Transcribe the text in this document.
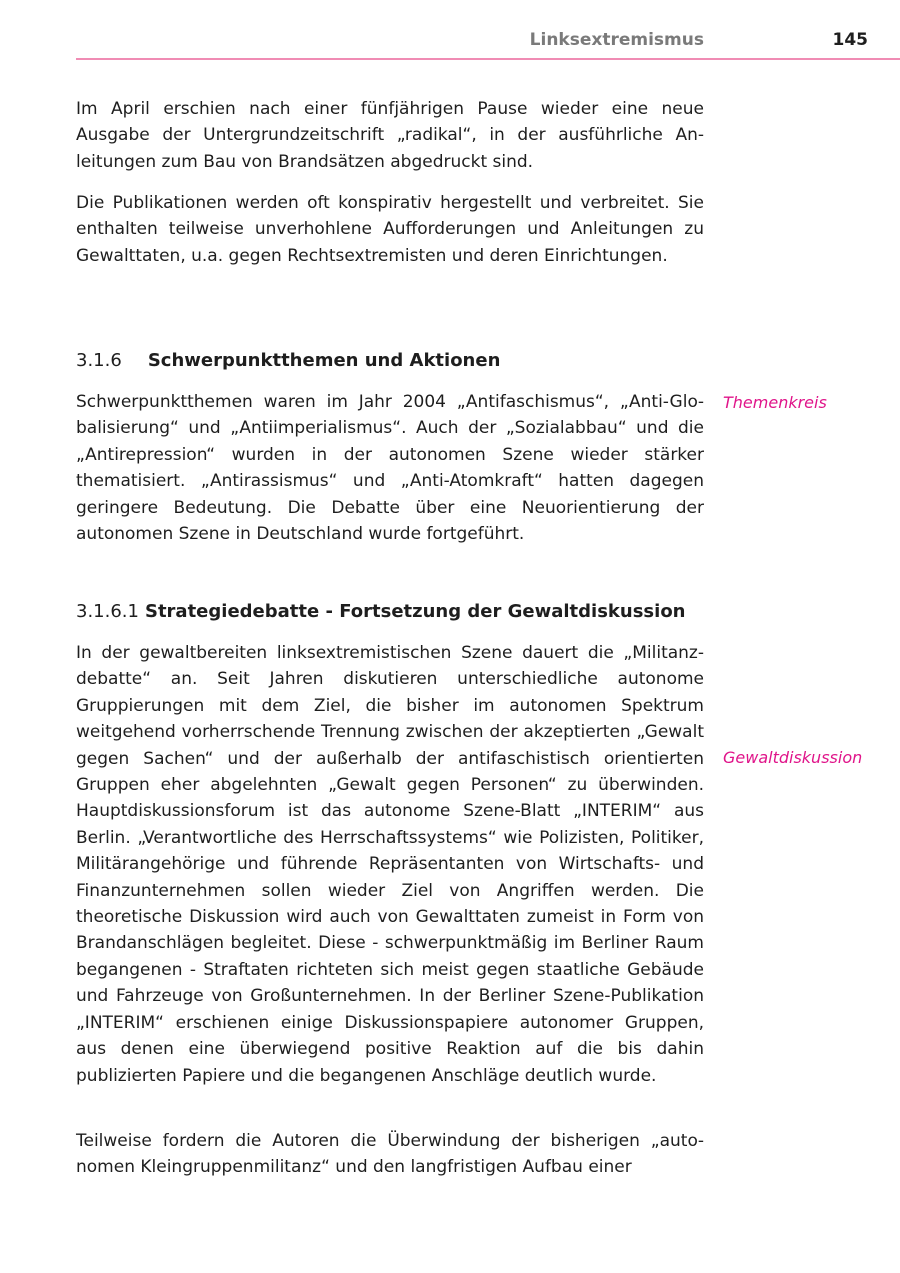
Linksextremismus	145

Im April erschien nach einer fünfjährigen Pause wieder eine neue Ausgabe der Untergrundzeitschrift „radikal“, in der ausführliche Anleitungen zum Bau von Brandsätzen abgedruckt sind.

Die Publikationen werden oft konspirativ hergestellt und verbreitet. Sie enthalten teilweise unverhohlene Aufforderungen und Anleitungen zu Gewalttaten, u.a. gegen Rechtsextremisten und deren Einrichtungen.

3.1.6 Schwerpunktthemen und Aktionen

Schwerpunktthemen waren im Jahr 2004 „Antifaschismus“, „Anti-Globalisierung“ und „Antiimperialismus“. Auch der „Sozialabbau“ und die „Antirepression“ wurden in der autonomen Szene wieder stärker thematisiert. „Antirassismus“ und „Anti-Atomkraft“ hatten dagegen geringere Bedeutung. Die Debatte über eine Neuorientierung der autonomen Szene in Deutschland wurde fortgeführt.

Themenkreis
3.1.6.1 Strategiedebatte - Fortsetzung der Gewaltdiskussion

In der gewaltbereiten linksextremistischen Szene dauert die „Militanzdebatte“ an. Seit Jahren diskutieren unterschiedliche autonome Gruppierungen mit dem Ziel, die bisher im autonomen Spektrum weitgehend vorherrschende Trennung zwischen der akzeptierten „Gewalt gegen Sachen“ und der außerhalb der antifaschistisch orientierten Gruppen eher abgelehnten „Gewalt gegen Personen“ zu überwinden. Hauptdiskussionsforum ist das autonome Szene-Blatt „INTERIM“ aus Berlin. „Verantwortliche des Herrschaftssystems“ wie Polizisten, Politiker, Militärangehörige und führende Repräsentanten von Wirtschafts- und Finanzunternehmen sollen wieder Ziel von Angriffen werden. Die theoretische Diskussion wird auch von Gewalttaten zumeist in Form von Brandanschlägen begleitet. Diese - schwerpunktmäßig im Berliner Raum begangenen - Straftaten richteten sich meist gegen staatliche Gebäude und Fahrzeuge von Großunternehmen. In der Berliner Szene-Publikation „INTERIM“ erschienen einige Diskussionspapiere autonomer Gruppen, aus denen eine überwiegend positive Reaktion auf die bis dahin publizierten Papiere und die begangenen Anschläge deutlich wurde.

Gewaltdiskussion

Teilweise fordern die Autoren die Überwindung der bisherigen „autonomen Kleingruppenmilitanz“ und den langfristigen Aufbau einer
